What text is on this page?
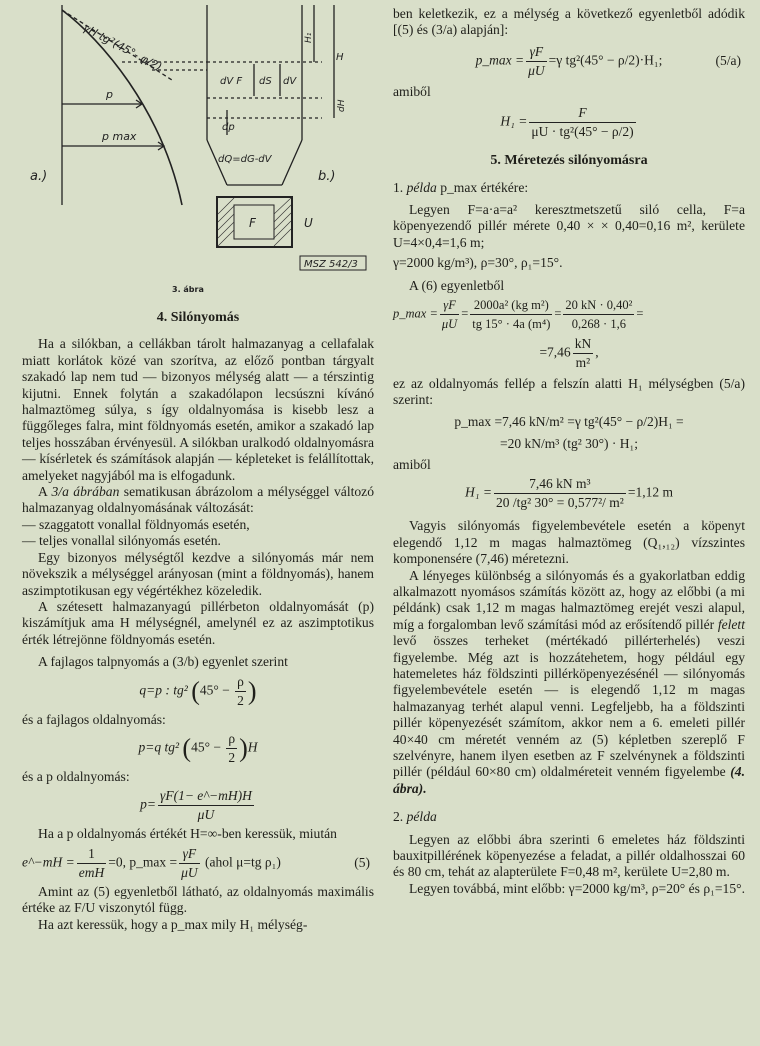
γH tg²(45°- φ/2)
p
p max
a.)	b.)
H₁
H
dH
dV F dS dV
dp
dQ=dG-dV
F	U
MSZ 542/3
3. ábra

4. Silónyomás

Ha a silókban, a cellákban tárolt halmazanyag a cellafalak miatt korlátok közé van szorítva, az előző pontban tárgyalt szakadó lap nem tud — bizonyos mélység alatt — a térszintig kijutni. Ennek folytán a szakadólapon lecsúszni kívánó halmaztömeg súlya, s így oldalnyomása is kisebb lesz a függőleges falra, mint földnyomás esetén, amikor a szakadó lap teljes hosszában érvényesül. A silókban uralkodó oldalnyomásra — kísérletek és számítások alapján — képleteket is felállítottak, amelyeket nagyjából ma is elfogadunk.

A 3/a ábrában sematikusan ábrázolom a mélységgel változó halmazanyag oldalnyomásának változását:

— szaggatott vonallal földnyomás esetén,

— teljes vonallal silónyomás esetén.

Egy bizonyos mélységtől kezdve a silónyomás már nem növekszik a mélységgel arányosan (mint a földnyomás), hanem aszimptotikusan egy végértékhez közeledik.

A szétesett halmazanyagú pillérbeton oldalnyomását (p) kiszámítjuk ama H mélységnél, amelynél ez az aszimptotikus érték létrejönne földnyomás esetén.

A fajlagos talpnyomás a (3/b) egyenlet szerint

q=p : tg² ($45^\circ - \frac{\rho}{2}$ )

és a fajlagos oldalnyomás:

p=q tg² $(45^\circ - \frac{\rho}{2} )H$

és a p oldalnyomás:

$p= \frac{\gamma F(1- e\^{}-mH)H}{\mu U}$

Ha a p oldalnyomás értékét H=∞-ben keressük, miután

e^−mH = $\frac{1}{\text{emH}} =0$, p_max = $\frac{\gamma F}{\mu U}$ (ahol μ=tg ρ₁)	(5)

Amint az (5) egyenletből látható, az oldalnyomás maximális értéke az F/U viszonytól függ.

Ha azt keressük, hogy a p_max mily H₁ mélység-

ben keletkezik, ez a mélység a következő egyenletből adódik [(5) és (3/a) alapján]:

p_max = $\frac{\gamma F}{\mu U} =\gamma$ tg²(45° − ρ/2)·H₁;	(5/a)

amiből

$H_1 = \frac{F}{\text{μU · tg²(45° − ρ/2)}}$

5. Méretezés silónyomásra

1. példa p_max értékére:

Legyen F=a·a=a² keresztmetszetű siló cella, F=a köpenyezendő pillér mérete 0,40 × × 0,40=0,16 m², kerülete U=4×0,4=1,6 m;

γ=2000 kg/m³), ρ=30°, ρ₁=15°.

A (6) egyenletből

p_max = $\frac{\gamma F}{\mu U} = \frac{\text{2000a² (kg m²)}}{\text{tg 15° · 4a (m⁴)}} = \frac{\text{20 kN · 0,40²}}{0,268 \cdot 1,6}$ =
$=7,46 \frac{kN}{\text{m²}}$ ,

ez az oldalnyomás fellép a felszín alatti H₁ mélységben (5/a) szerint:

p_max =7,46 kN/m² =γ tg²(45° − ρ/2)H₁ =
=20 kN/m³ (tg² 30°) · H₁;

amiből

$H_1 = \frac{\text{7,46 kN m³}}{\text{20 /tg² 30° = 0,577²/ m²}} =1,12$ m

Vagyis silónyomás figyelembevétele esetén a köpenyt elegendő 1,12 m magas halmaztömeg (Q₁,₁₂) vízszintes komponensére (7,46) méretezni.

A lényeges különbség a silónyomás és a gyakorlatban eddig alkalmazott nyomásos számítás között az, hogy az előbbi (a mi példánk) csak 1,12 m magas halmaztömeg erejét veszi alapul, míg a forgalomban levő számítási mód az erősítendő pillér felett levő összes terheket (mértékadó pillérterhelés) veszi figyelembe. Még azt is hozzátehetem, hogy például egy hatemeletes ház földszinti pillérköpenyezésénél — silónyomás figyelembevétele esetén — is elegendő 1,12 m magas halmazanyag terhét alapul venni. Legfeljebb, ha a földszinti pillér köpenyezését számítom, akkor nem a 6. emeleti pillér 40×40 cm méretét venném az (5) képletben szereplő F szelvényre, hanem ilyen esetben az F szelvénynek a földszinti pillér (például 60×80 cm) oldalméreteit venném figyelembe (4. ábra).

2. példa

Legyen az előbbi ábra szerinti 6 emeletes ház földszinti bauxitpillérének köpenyezése a feladat, a pillér oldalhosszai 60 és 80 cm, tehát az alapterülete F=0,48 m², kerülete U=2,80 m.

Legyen továbbá, mint előbb: γ=2000 kg/m³, ρ=20° és ρ₁=15°.
